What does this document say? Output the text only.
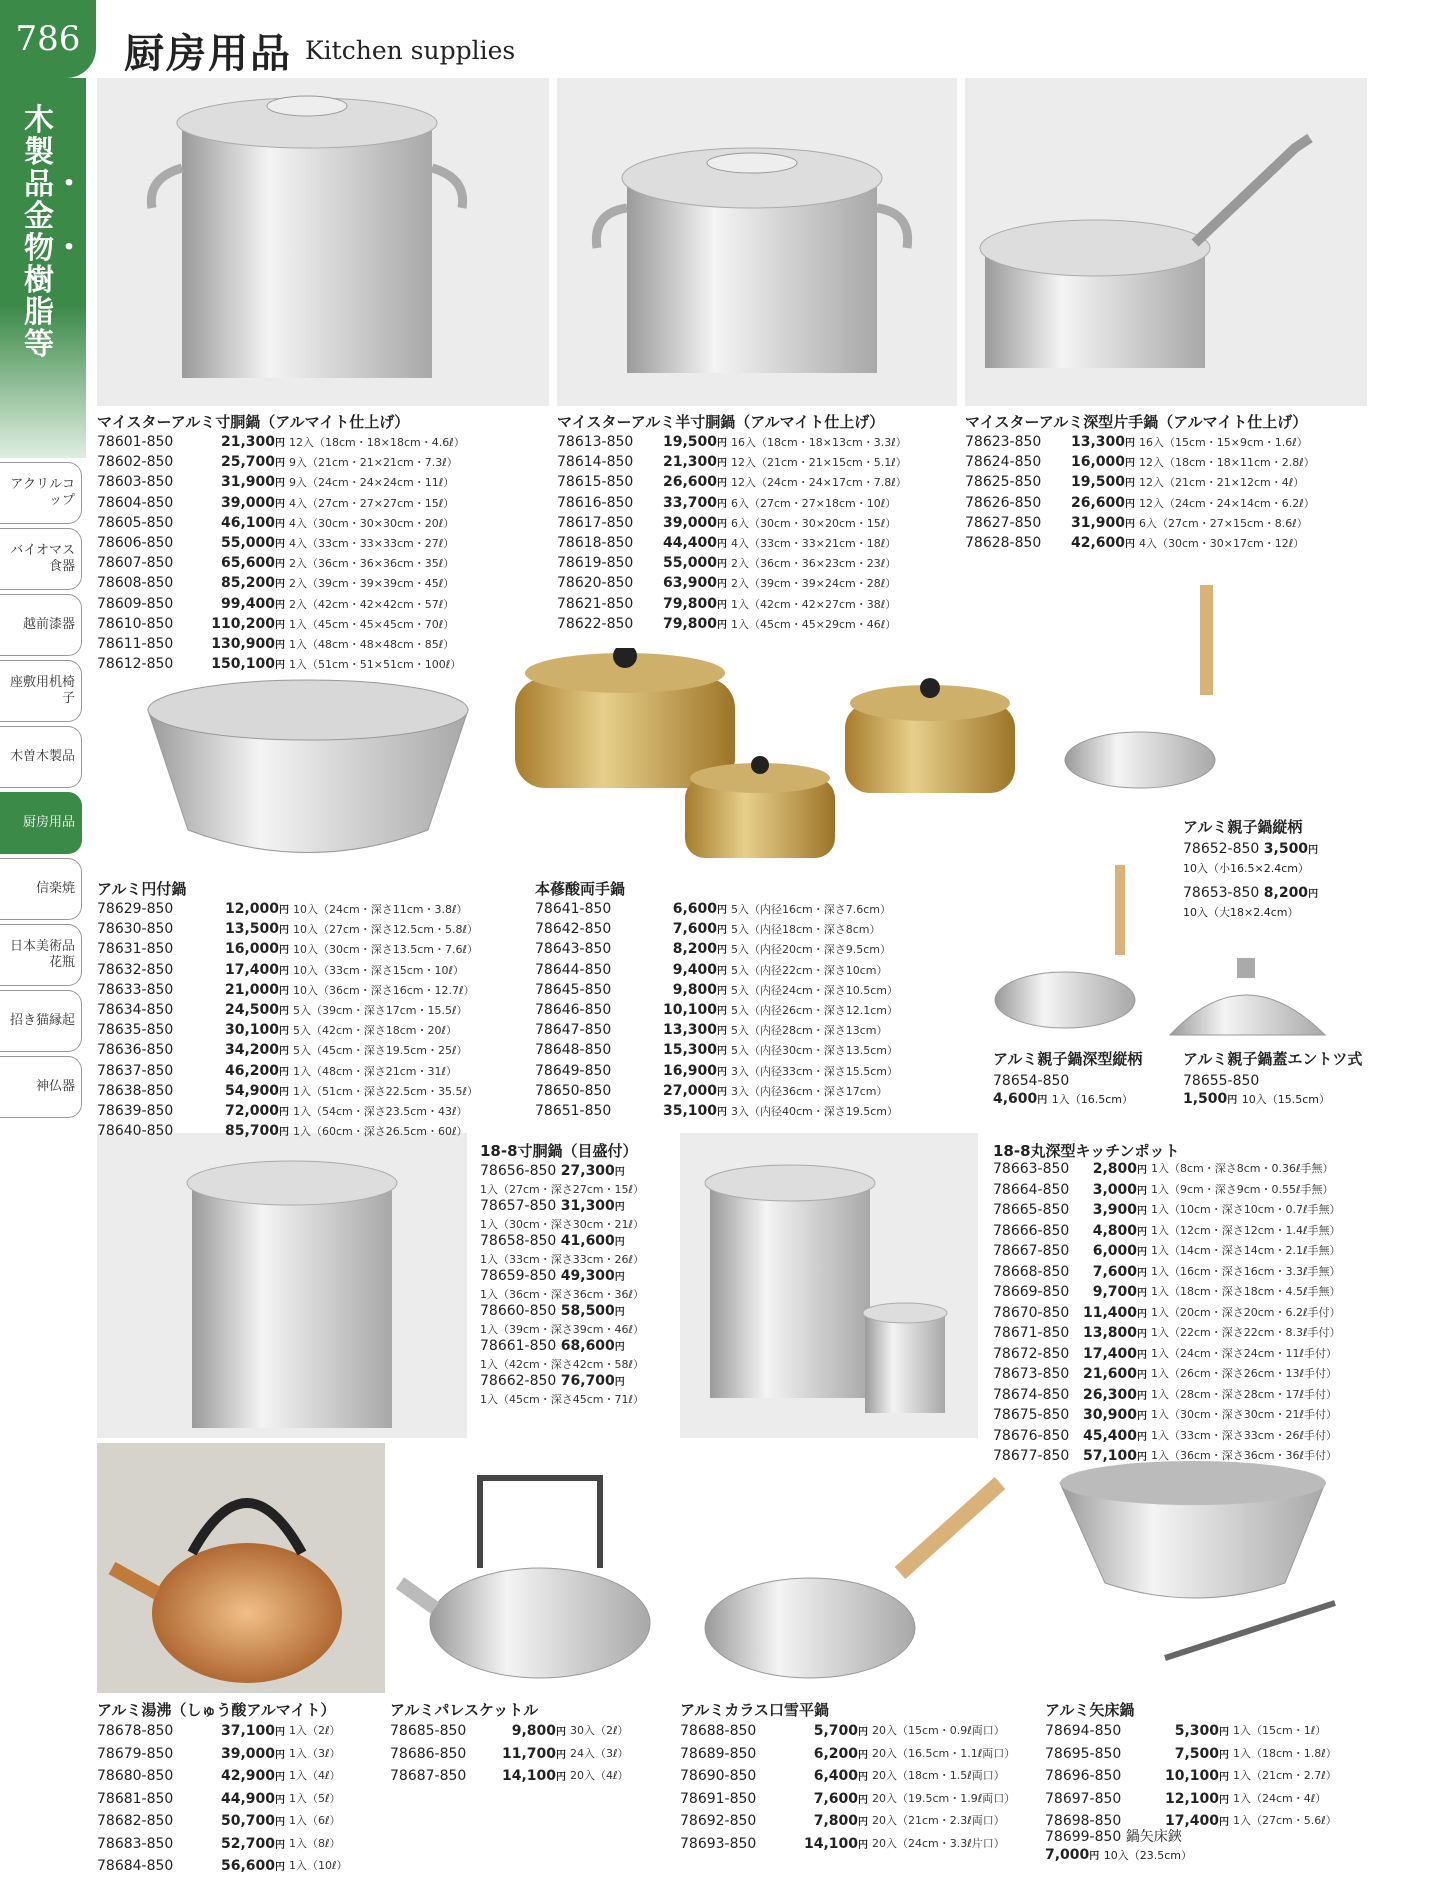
786	厨房用品 Kitchen supplies
木製品・金物・樹脂等
アクリルコップ
バイオマス食器
越前漆器
座敷用机椅子
木曽木製品
厨房用品
信楽焼
日本美術品花瓶
招き猫縁起
神仏器
マイスターアルミ寸胴鍋（アルマイト仕上げ）
78601-850	21,300円 12入（18cm・18×18cm・4.6ℓ）
78602-850	25,700円 9入（21cm・21×21cm・7.3ℓ）
78603-850	31,900円 9入（24cm・24×24cm・11ℓ）
78604-850	39,000円 4入（27cm・27×27cm・15ℓ）
78605-850	46,100円 4入（30cm・30×30cm・20ℓ）
78606-850	55,000円 4入（33cm・33×33cm・27ℓ）
78607-850	65,600円 2入（36cm・36×36cm・35ℓ）
78608-850	85,200円 2入（39cm・39×39cm・45ℓ）
78609-850	99,400円 2入（42cm・42×42cm・57ℓ）
78610-850	110,200円 1入（45cm・45×45cm・70ℓ）
78611-850	130,900円 1入（48cm・48×48cm・85ℓ）
78612-850	150,100円 1入（51cm・51×51cm・100ℓ）
マイスターアルミ半寸胴鍋（アルマイト仕上げ）
78613-850	19,500円 16入（18cm・18×13cm・3.3ℓ）
78614-850	21,300円 12入（21cm・21×15cm・5.1ℓ）
78615-850	26,600円 12入（24cm・24×17cm・7.8ℓ）
78616-850	33,700円 6入（27cm・27×18cm・10ℓ）
78617-850	39,000円 6入（30cm・30×20cm・15ℓ）
78618-850	44,400円 4入（33cm・33×21cm・18ℓ）
78619-850	55,000円 2入（36cm・36×23cm・23ℓ）
78620-850	63,900円 2入（39cm・39×24cm・28ℓ）
78621-850	79,800円 1入（42cm・42×27cm・38ℓ）
78622-850	79,800円 1入（45cm・45×29cm・46ℓ）
マイスターアルミ深型片手鍋（アルマイト仕上げ）
78623-850	13,300円 16入（15cm・15×9cm・1.6ℓ）
78624-850	16,000円 12入（18cm・18×11cm・2.8ℓ）
78625-850	19,500円 12入（21cm・21×12cm・4ℓ）
78626-850	26,600円 12入（24cm・24×14cm・6.2ℓ）
78627-850	31,900円 6入（27cm・27×15cm・8.6ℓ）
78628-850	42,600円 4入（30cm・30×17cm・12ℓ）
アルミ円付鍋
78629-850	12,000円 10入（24cm・深さ11cm・3.8ℓ）
78630-850	13,500円 10入（27cm・深さ12.5cm・5.8ℓ）
78631-850	16,000円 10入（30cm・深さ13.5cm・7.6ℓ）
78632-850	17,400円 10入（33cm・深さ15cm・10ℓ）
78633-850	21,000円 10入（36cm・深さ16cm・12.7ℓ）
78634-850	24,500円 5入（39cm・深さ17cm・15.5ℓ）
78635-850	30,100円 5入（42cm・深さ18cm・20ℓ）
78636-850	34,200円 5入（45cm・深さ19.5cm・25ℓ）
78637-850	46,200円 1入（48cm・深さ21cm・31ℓ）
78638-850	54,900円 1入（51cm・深さ22.5cm・35.5ℓ）
78639-850	72,000円 1入（54cm・深さ23.5cm・43ℓ）
78640-850	85,700円 1入（60cm・深さ26.5cm・60ℓ）
本蓚酸両手鍋
78641-850	6,600円 5入（内径16cm・深さ7.6cm）
78642-850	7,600円 5入（内径18cm・深さ8cm）
78643-850	8,200円 5入（内径20cm・深さ9.5cm）
78644-850	9,400円 5入（内径22cm・深さ10cm）
78645-850	9,800円 5入（内径24cm・深さ10.5cm）
78646-850	10,100円 5入（内径26cm・深さ12.1cm）
78647-850	13,300円 5入（内径28cm・深さ13cm）
78648-850	15,300円 5入（内径30cm・深さ13.5cm）
78649-850	16,900円 3入（内径33cm・深さ15.5cm）
78650-850	27,000円 3入（内径36cm・深さ17cm）
78651-850	35,100円 3入（内径40cm・深さ19.5cm）
アルミ親子鍋縦柄
78652-850 3,500円
10入（小16.5×2.4cm）
78653-850 8,200円
10入（大18×2.4cm）
アルミ親子鍋深型縦柄
78654-850
4,600円 1入（16.5cm）
アルミ親子鍋蓋エントツ式
78655-850
1,500円 10入（15.5cm）
18-8寸胴鍋（目盛付）
78656-850 27,300円
1入（27cm・深さ27cm・15ℓ）
78657-850 31,300円
1入（30cm・深さ30cm・21ℓ）
78658-850 41,600円
1入（33cm・深さ33cm・26ℓ）
78659-850 49,300円
1入（36cm・深さ36cm・36ℓ）
78660-850 58,500円
1入（39cm・深さ39cm・46ℓ）
78661-850 68,600円
1入（42cm・深さ42cm・58ℓ）
78662-850 76,700円
1入（45cm・深さ45cm・71ℓ）
18-8丸深型キッチンポット
78663-850	2,800円 1入（8cm・深さ8cm・0.36ℓ手無）
78664-850	3,000円 1入（9cm・深さ9cm・0.55ℓ手無）
78665-850	3,900円 1入（10cm・深さ10cm・0.7ℓ手無）
78666-850	4,800円 1入（12cm・深さ12cm・1.4ℓ手無）
78667-850	6,000円 1入（14cm・深さ14cm・2.1ℓ手無）
78668-850	7,600円 1入（16cm・深さ16cm・3.3ℓ手無）
78669-850	9,700円 1入（18cm・深さ18cm・4.5ℓ手無）
78670-850 11,400円 1入（20cm・深さ20cm・6.2ℓ手付）
78671-850 13,800円 1入（22cm・深さ22cm・8.3ℓ手付）
78672-850 17,400円 1入（24cm・深さ24cm・11ℓ手付）
78673-850 21,600円 1入（26cm・深さ26cm・13ℓ手付）
78674-850 26,300円 1入（28cm・深さ28cm・17ℓ手付）
78675-850 30,900円 1入（30cm・深さ30cm・21ℓ手付）
78676-850 45,400円 1入（33cm・深さ33cm・26ℓ手付）
78677-850 57,100円 1入（36cm・深さ36cm・36ℓ手付）
アルミ湯沸（しゅう酸アルマイト）
78678-850	37,100円 1入（2ℓ）
78679-850	39,000円 1入（3ℓ）
78680-850	42,900円 1入（4ℓ）
78681-850	44,900円 1入（5ℓ）
78682-850	50,700円 1入（6ℓ）
78683-850	52,700円 1入（8ℓ）
78684-850	56,600円 1入（10ℓ）
アルミパレスケットル
78685-850	9,800円 30入（2ℓ）
78686-850	11,700円 24入（3ℓ）
78687-850	14,100円 20入（4ℓ）
アルミカラス口雪平鍋
78688-850	5,700円 20入（15cm・0.9ℓ両口）
78689-850	6,200円 20入（16.5cm・1.1ℓ両口）
78690-850	6,400円 20入（18cm・1.5ℓ両口）
78691-850	7,600円 20入（19.5cm・1.9ℓ両口）
78692-850	7,800円 20入（21cm・2.3ℓ両口）
78693-850	14,100円 20入（24cm・3.3ℓ片口）
アルミ矢床鍋
78694-850	5,300円 1入（15cm・1ℓ）
78695-850	7,500円 1入（18cm・1.8ℓ）
78696-850	10,100円 1入（21cm・2.7ℓ）
78697-850	12,100円 1入（24cm・4ℓ）
78698-850	17,400円 1入（27cm・5.6ℓ）
78699-850 鍋矢床鋏
7,000円 10入（23.5cm）
